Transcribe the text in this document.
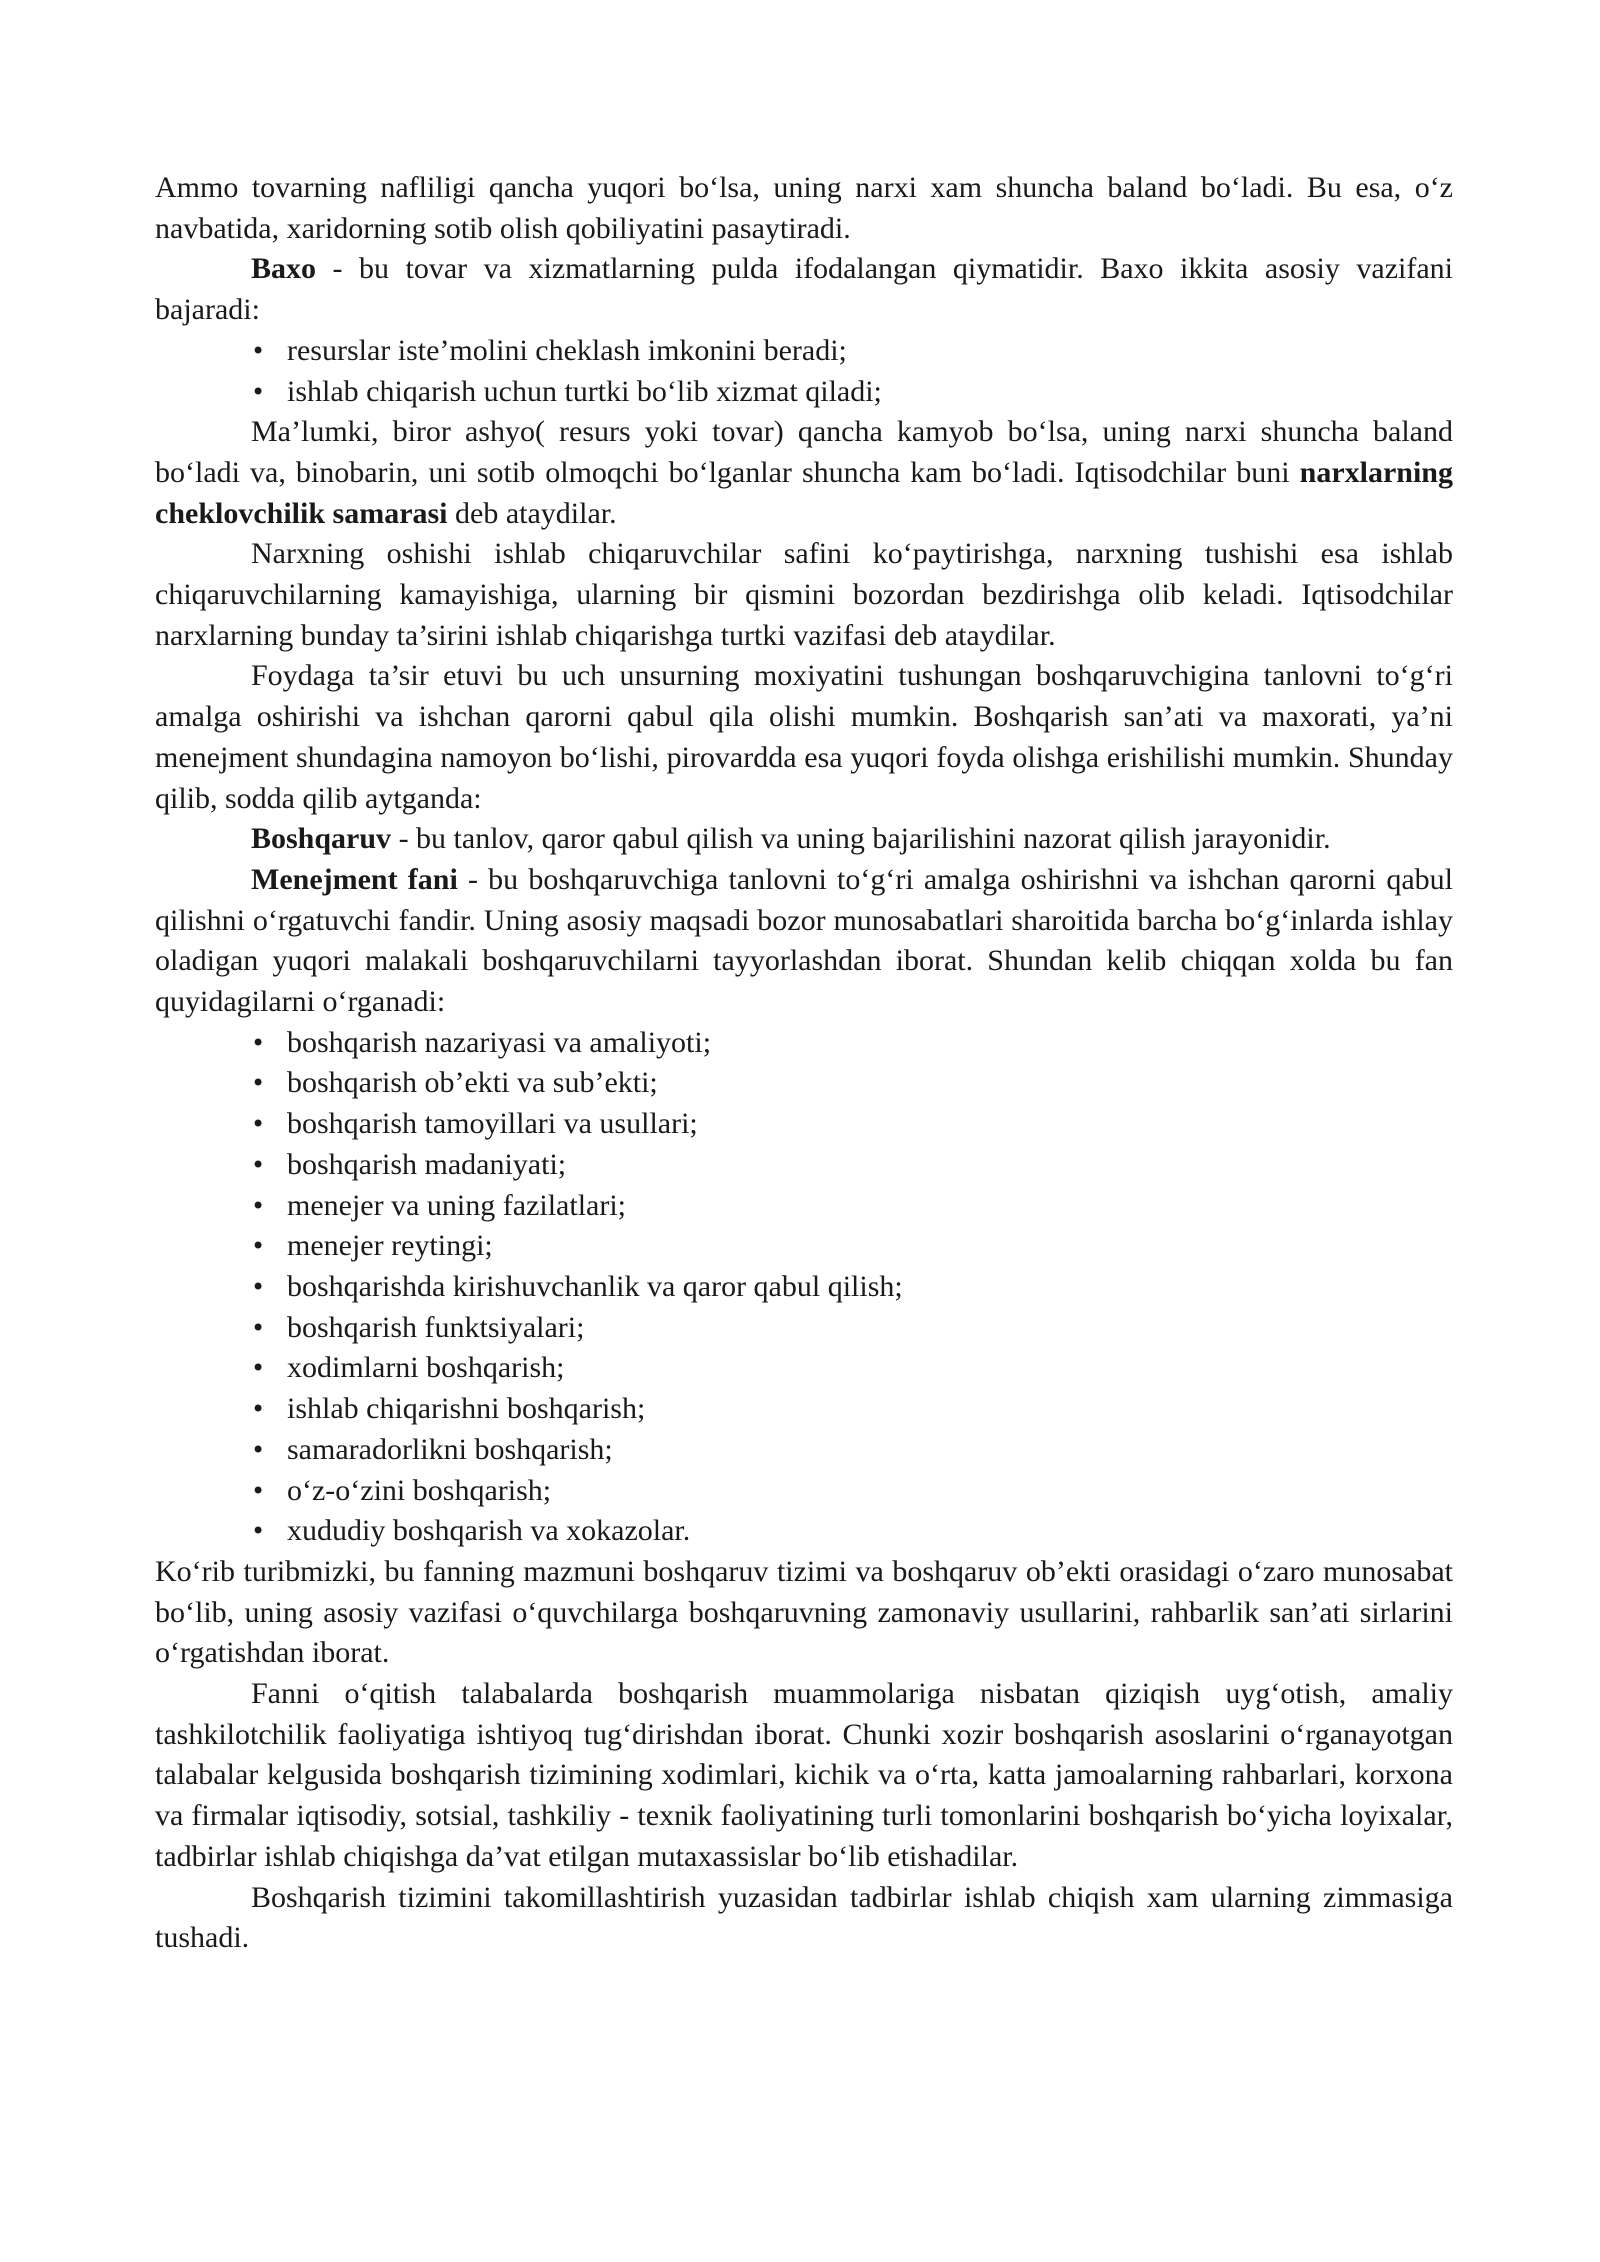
Ammo tovarning nafliligi qancha yuqori bo‘lsa, uning narxi xam shuncha baland bo‘ladi. Bu esa, o‘z navbatida, xaridorning sotib olish qobiliyatini pasaytiradi.

Baxo - bu tovar va xizmatlarning pulda ifodalangan qiymatidir. Baxo ikkita asosiy vazifani bajaradi:

• resurslar iste’molini cheklash imkonini beradi;
• ishlab chiqarish uchun turtki bo‘lib xizmat qiladi;

Ma’lumki, biror ashyo( resurs yoki tovar) qancha kamyob bo‘lsa, uning narxi shuncha baland bo‘ladi va, binobarin, uni sotib olmoqchi bo‘lganlar shuncha kam bo‘ladi. Iqtisodchilar buni narxlarning cheklovchilik samarasi deb ataydilar.

Narxning oshishi ishlab chiqaruvchilar safini ko‘paytirishga, narxning tushishi esa ishlab chiqaruvchilarning kamayishiga, ularning bir qismini bozordan bezdirishga olib keladi. Iqtisodchilar narxlarning bunday ta’sirini ishlab chiqarishga turtki vazifasi deb ataydilar.

Foydaga ta’sir etuvi bu uch unsurning moxiyatini tushungan boshqaruvchigina tanlovni to‘g‘ri amalga oshirishi va ishchan qarorni qabul qila olishi mumkin. Boshqarish san’ati va maxorati, ya’ni menejment shundagina namoyon bo‘lishi, pirovardda esa yuqori foyda olishga erishilishi mumkin. Shunday qilib, sodda qilib aytganda:

Boshqaruv - bu tanlov, qaror qabul qilish va uning bajarilishini nazorat qilish jarayonidir.

Menejment fani - bu boshqaruvchiga tanlovni to‘g‘ri amalga oshirishni va ishchan qarorni qabul qilishni o‘rgatuvchi fandir. Uning asosiy maqsadi bozor munosabatlari sharoitida barcha bo‘g‘inlarda ishlay oladigan yuqori malakali boshqaruvchilarni tayyorlashdan iborat. Shundan kelib chiqqan xolda bu fan quyidagilarni o‘rganadi:

• boshqarish nazariyasi va amaliyoti;
• boshqarish ob’ekti va sub’ekti;
• boshqarish tamoyillari va usullari;
• boshqarish madaniyati;
• menejer va uning fazilatlari;
• menejer reytingi;
• boshqarishda kirishuvchanlik va qaror qabul qilish;
• boshqarish funktsiyalari;
• xodimlarni boshqarish;
• ishlab chiqarishni boshqarish;
• samaradorlikni boshqarish;
• o‘z-o‘zini boshqarish;
• xududiy boshqarish va xokazolar.

Ko‘rib turibmizki, bu fanning mazmuni boshqaruv tizimi va boshqaruv ob’ekti orasidagi o‘zaro munosabat bo‘lib, uning asosiy vazifasi o‘quvchilarga boshqaruvning zamonaviy usullarini, rahbarlik san’ati sirlarini o‘rgatishdan iborat.

Fanni o‘qitish talabalarda boshqarish muammolariga nisbatan qiziqish uyg‘otish, amaliy tashkilotchilik faoliyatiga ishtiyoq tug‘dirishdan iborat. Chunki xozir boshqarish asoslarini o‘rganayotgan talabalar kelgusida boshqarish tizimining xodimlari, kichik va o‘rta, katta jamoalarning rahbarlari, korxona va firmalar iqtisodiy, sotsial, tashkiliy - texnik faoliyatining turli tomonlarini boshqarish bo‘yicha loyixalar, tadbirlar ishlab chiqishga da’vat etilgan mutaxassislar bo‘lib etishadilar.

Boshqarish tizimini takomillashtirish yuzasidan tadbirlar ishlab chiqish xam ularning zimmasiga tushadi.
